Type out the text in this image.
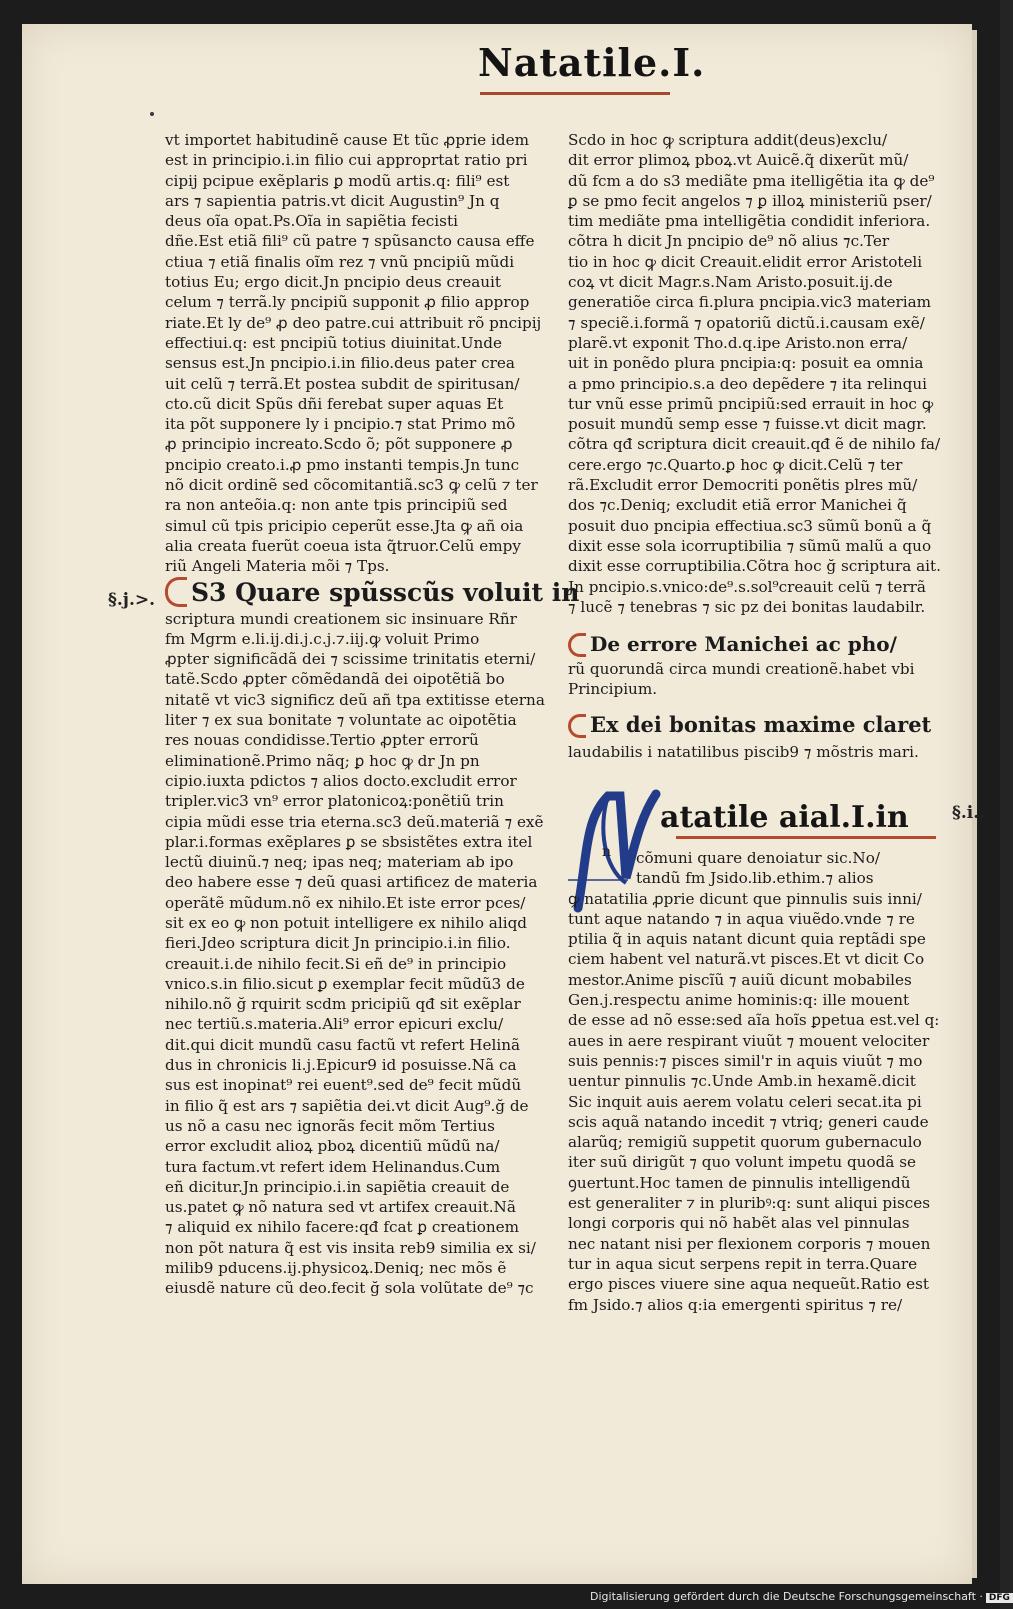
Natatile.I.
vt importet habitudinẽ cause Et tũc ꝓprie idem
est in principio.i.in filio cui approprtat ratio pri
cipij pcipue exẽplaris ꝑ modũ artis.q: fili⁹ est
ars ⁊ sapientia patris.vt dicit Augustin⁹ Jn q
deus oĩa opat.Ps.Oĩa in sapiẽtia fecisti
dñe.Est etiã fili⁹ cũ patre ⁊ spũsancto causa effe
ctiua ⁊ etiã finalis oĩm rez ⁊ vnũ pncipiũ mũdi
totius Eu; ergo dicit.Jn pncipio deus creauit
celum ⁊ terrã.ly pncipiũ supponit ꝓ filio approp
riate.Et ly de⁹ ꝓ deo patre.cui attribuit rõ pncipij
effectiui.q: est pncipiũ totius diuinitat.Unde
sensus est.Jn pncipio.i.in filio.deus pater crea
uit celũ ⁊ terrã.Et postea subdit de spiritusan/
cto.cũ dicit Spũs dñi ferebat super aquas Et
ita põt supponere ly i pncipio.⁊ stat Primo mõ
ꝓ principio increato.Scdo õ; põt supponere ꝓ
pncipio creato.i.ꝓ pmo instanti tempis.Jn tunc
nõ dicit ordinẽ sed cõcomitantiã.sc3 ꝙ celũ ⁊ ter
ra non anteõia.q: non ante tpis principiũ sed
simul cũ tpis pricipio ceperũt esse.Jta ꝙ añ oia
alia creata fuerũt coeua ista q̃truor.Celũ empy
riũ Angeli Materia mõi ⁊ Tps.
S3 Quare spũsscũs voluit in
scriptura mundi creationem sic insinuare Rñr
fm Mgrm e.li.ij.di.j.c.j.⁊.iij.ꝙ voluit Primo
ꝓpter significãdã dei ⁊ scissime trinitatis eterni/
tatẽ.Scdo ꝓpter cõmẽdandã dei oipotẽtiã bo
nitatẽ vt vic3 significz deũ añ tpa extitisse eterna
liter ⁊ ex sua bonitate ⁊ voluntate ac oipotẽtia
res nouas condidisse.Tertio ꝓpter errorũ
eliminationẽ.Primo nãq; ꝑ hoc ꝙ dr Jn pn
cipio.iuxta pdictos ⁊ alios docto.excludit error
tripler.vic3 vn⁹ error platonicoꝝ:ponẽtiũ trin
cipia mũdi esse tria eterna.sc3 deũ.materiã ⁊ exẽ
plar.i.formas exẽplares ꝑ se sbsistẽtes extra itel
lectũ diuinũ.⁊ neq; ipas neq; materiam ab ipo
deo habere esse ⁊ deũ quasi artificez de materia
operãtẽ mũdum.nõ ex nihilo.Et iste error pces/
sit ex eo ꝙ non potuit intelligere ex nihilo aliqd
fieri.Jdeo scriptura dicit Jn principio.i.in filio.
creauit.i.de nihilo fecit.Si eñ de⁹ in principio
vnico.s.in filio.sicut ꝑ exemplar fecit mũdũ3 de
nihilo.nõ ğ rquirit scdm pricipiũ qđ sit exẽplar
nec tertiũ.s.materia.Ali⁹ error epicuri exclu/
dit.qui dicit mundũ casu factũ vt refert Helinã
dus in chronicis li.j.Epicur9 id posuisse.Nã ca
sus est inopinat⁹ rei euent⁹.sed de⁹ fecit mũdũ
in filio q̃ est ars ⁊ sapiẽtia dei.vt dicit Aug⁹.ğ de
us nõ a casu nec ignorãs fecit mõm Tertius
error excludit alioꝝ pboꝝ dicentiũ mũdũ na/
tura factum.vt refert idem Helinandus.Cum
eñ dicitur.Jn principio.i.in sapiẽtia creauit de
us.patet ꝙ nõ natura sed vt artifex creauit.Nã
⁊ aliquid ex nihilo facere:qđ fcat ꝑ creationem
non põt natura q̃ est vis insita reb9 similia ex si/
milib9 pducens.ij.physicoꝝ.Deniq; nec mõs ẽ
eiusdẽ nature cũ deo.fecit ğ sola volũtate de⁹ ⁊c
§.j.>.
§.i..
Scdo in hoc ꝙ scriptura addit(deus)exclu/
dit error plimoꝝ pboꝝ.vt Auicẽ.q̃ dixerũt mũ/
dũ fcm a do s3 mediãte pma itelligẽtia ita ꝙ de⁹
ꝑ se pmo fecit angelos ⁊ ꝑ illoꝝ ministeriũ pser/
tim mediãte pma intelligẽtia condidit inferiora.
cõtra h dicit Jn pncipio de⁹ nõ alius ⁊c.Ter
tio in hoc ꝙ dicit Creauit.elidit error Aristoteli
coꝝ vt dicit Magr.s.Nam Aristo.posuit.ij.de
generatiõe circa fi.plura pncipia.vic3 materiam
⁊ speciẽ.i.formã ⁊ opatoriũ dictũ.i.causam exẽ/
plarẽ.vt exponit Tho.d.q.ipe Aristo.non erra/
uit in ponẽdo plura pncipia:q: posuit ea omnia
a pmo principio.s.a deo depẽdere ⁊ ita relinqui
tur vnũ esse primũ pncipiũ:sed errauit in hoc ꝙ
posuit mundũ semp esse ⁊ fuisse.vt dicit magr.
cõtra qđ scriptura dicit creauit.qđ ẽ de nihilo fa/
cere.ergo ⁊c.Quarto.ꝑ hoc ꝙ dicit.Celũ ⁊ ter
rã.Excludit error Democriti ponẽtis plres mũ/
dos ⁊c.Deniq; excludit etiã error Manichei q̃
posuit duo pncipia effectiua.sc3 sũmũ bonũ a q̃
dixit esse sola icorruptibilia ⁊ sũmũ malũ a quo
dixit esse corruptibilia.Cõtra hoc ğ scriptura ait.
Jn pncipio.s.vnico:de⁹.s.sol⁹creauit celũ ⁊ terrã
⁊ lucẽ ⁊ tenebras ⁊ sic pz dei bonitas laudabilr.
De errore Manichei ac pho/
rũ quorundã circa mundi creationẽ.habet vbi
Principium.
Ex dei bonitas maxime claret
laudabilis i natatilibus piscib9 ⁊ mõstris mari.
n
atatile aial.I.in
cõmuni quare denoiatur sic.No/
tandũ fm Jsido.lib.ethim.⁊ alios
ꝙ natatilia ꝓprie dicunt que pinnulis suis inni/
tunt aque natando ⁊ in aqua viuẽdo.vnde ⁊ re
ptilia q̃ in aquis natant dicunt quia reptãdi spe
ciem habent vel naturã.vt pisces.Et vt dicit Co
mestor.Anime piscĩũ ⁊ auiũ dicunt mobabiles
Gen.j.respectu anime hominis:q: ille mouent
de esse ad nõ esse:sed aĩa hoĩs ꝑpetua est.vel q:
aues in aere respirant viuũt ⁊ mouent velociter
suis pennis:⁊ pisces simil'r in aquis viuũt ⁊ mo
uentur pinnulis ⁊c.Unde Amb.in hexamẽ.dicit
Sic inquit auis aerem volatu celeri secat.ita pi
scis aquã natando incedit ⁊ vtriq; generi caude
alarũq; remigiũ suppetit quorum gubernaculo
iter suũ dirigũt ⁊ quo volunt impetu quodã se
ꝯuertunt.Hoc tamen de pinnulis intelligendũ
est generaliter ⁊ in pluribꝰ:q: sunt aliqui pisces
longi corporis qui nõ habẽt alas vel pinnulas
nec natant nisi per flexionem corporis ⁊ mouen
tur in aqua sicut serpens repit in terra.Quare
ergo pisces viuere sine aqua nequeũt.Ratio est
fm Jsido.⁊ alios q:ia emergenti spiritus ⁊ re/
Digitalisierung gefördert durch die Deutsche Forschungsgemeinschaft · DFG
